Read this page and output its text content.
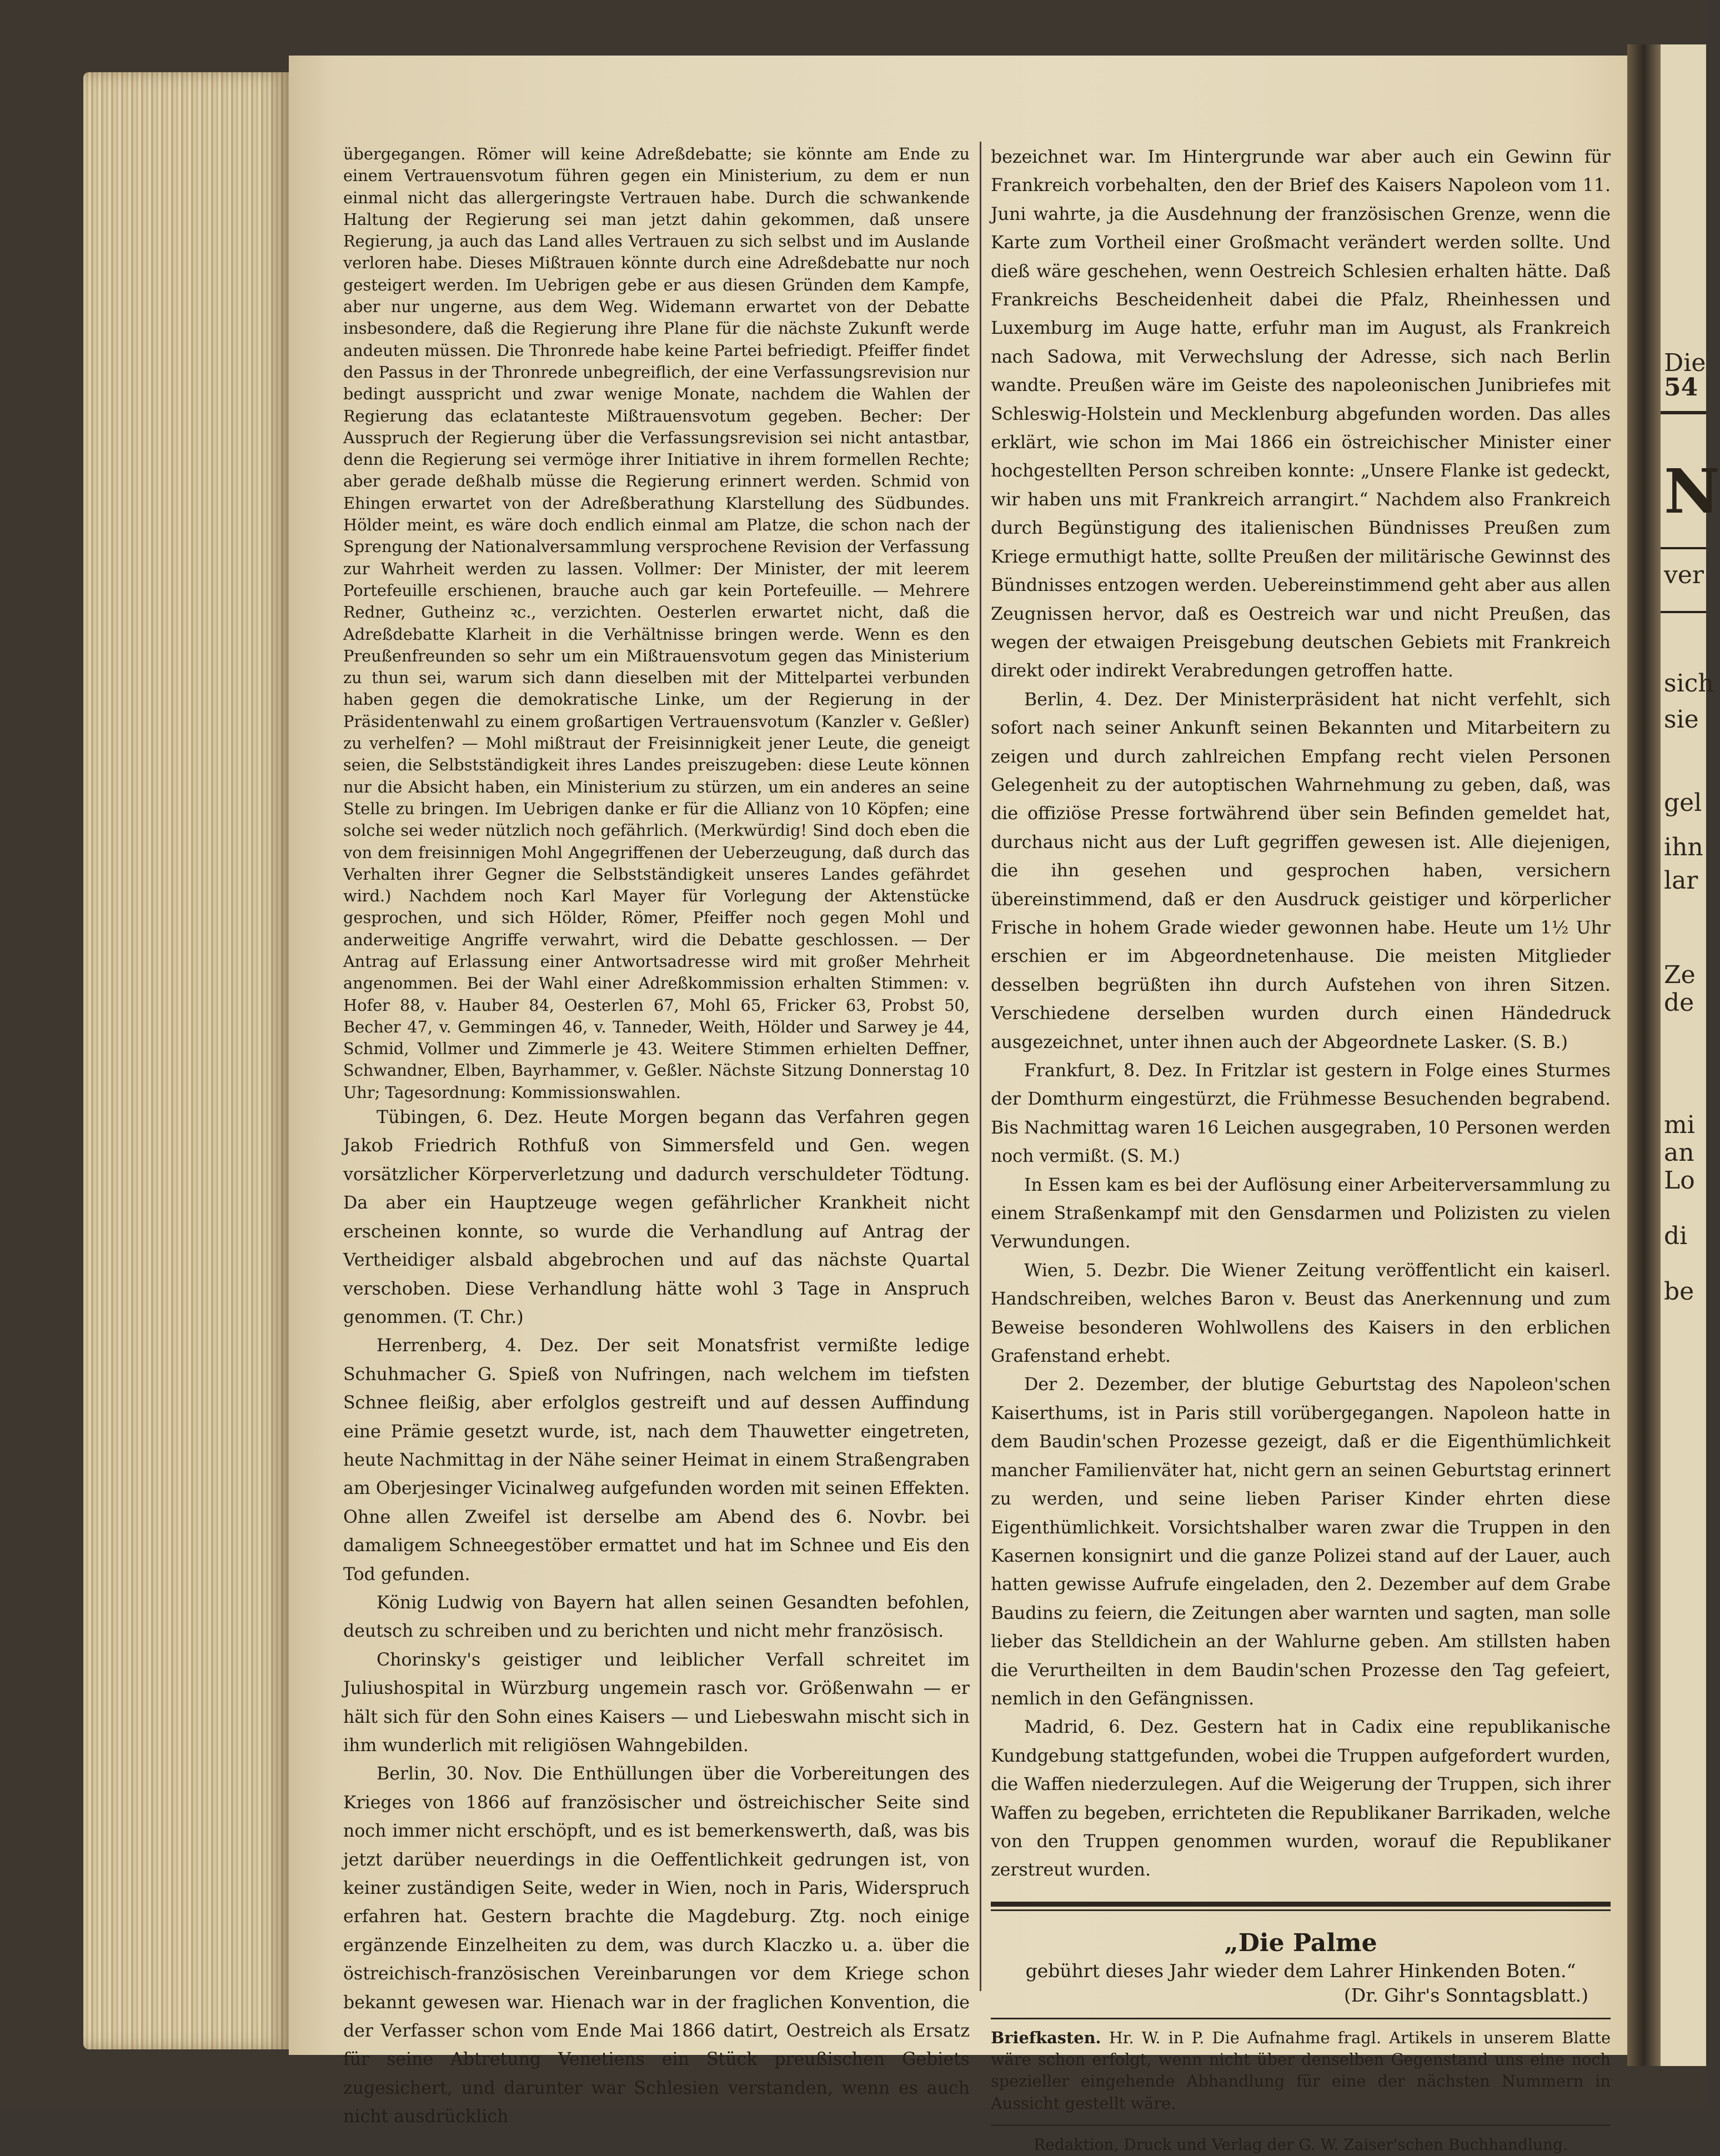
Die
54
N
ver
sich
sie
gel
ihn
lar
Ze
de
mi
an
Lo
di
be

übergegangen. Römer will keine Adreßdebatte; sie könnte am Ende zu einem Vertrauensvotum führen gegen ein Ministerium, zu dem er nun einmal nicht das allergeringste Vertrauen habe. Durch die schwankende Haltung der Regierung sei man jetzt dahin gekommen, daß unsere Regierung, ja auch das Land alles Vertrauen zu sich selbst und im Auslande verloren habe. Dieses Mißtrauen könnte durch eine Adreßdebatte nur noch gesteigert werden. Im Uebrigen gebe er aus diesen Gründen dem Kampfe, aber nur ungerne, aus dem Weg. Widemann erwartet von der Debatte insbesondere, daß die Regierung ihre Plane für die nächste Zukunft werde andeuten müssen. Die Thronrede habe keine Partei befriedigt. Pfeiffer findet den Passus in der Thronrede unbegreiflich, der eine Verfassungsrevision nur bedingt ausspricht und zwar wenige Monate, nachdem die Wahlen der Regierung das eclatanteste Mißtrauensvotum gegeben. Becher: Der Ausspruch der Regierung über die Verfassungsrevision sei nicht antastbar, denn die Regierung sei vermöge ihrer Initiative in ihrem formellen Rechte; aber gerade deßhalb müsse die Regierung erinnert werden. Schmid von Ehingen erwartet von der Adreßberathung Klarstellung des Südbundes. Hölder meint, es wäre doch endlich einmal am Platze, die schon nach der Sprengung der Nationalversammlung versprochene Revision der Verfassung zur Wahrheit werden zu lassen. Vollmer: Der Minister, der mit leerem Portefeuille erschienen, brauche auch gar kein Portefeuille. — Mehrere Redner, Gutheinz ꝛc., verzichten. Oesterlen erwartet nicht, daß die Adreßdebatte Klarheit in die Verhältnisse bringen werde. Wenn es den Preußenfreunden so sehr um ein Mißtrauensvotum gegen das Ministerium zu thun sei, warum sich dann dieselben mit der Mittelpartei verbunden haben gegen die demokratische Linke, um der Regierung in der Präsidentenwahl zu einem großartigen Vertrauensvotum (Kanzler v. Geßler) zu verhelfen? — Mohl mißtraut der Freisinnigkeit jener Leute, die geneigt seien, die Selbstständigkeit ihres Landes preiszugeben: diese Leute können nur die Absicht haben, ein Ministerium zu stürzen, um ein anderes an seine Stelle zu bringen. Im Uebrigen danke er für die Allianz von 10 Köpfen; eine solche sei weder nützlich noch gefährlich. (Merkwürdig! Sind doch eben die von dem freisinnigen Mohl Angegriffenen der Ueberzeugung, daß durch das Verhalten ihrer Gegner die Selbstständigkeit unseres Landes gefährdet wird.) Nachdem noch Karl Mayer für Vorlegung der Aktenstücke gesprochen, und sich Hölder, Römer, Pfeiffer noch gegen Mohl und anderweitige Angriffe verwahrt, wird die Debatte geschlossen. — Der Antrag auf Erlassung einer Antwortsadresse wird mit großer Mehrheit angenommen. Bei der Wahl einer Adreßkommission erhalten Stimmen: v. Hofer 88, v. Hauber 84, Oesterlen 67, Mohl 65, Fricker 63, Probst 50, Becher 47, v. Gemmingen 46, v. Tanneder, Weith, Hölder und Sarwey je 44, Schmid, Vollmer und Zimmerle je 43. Weitere Stimmen erhielten Deffner, Schwandner, Elben, Bayrhammer, v. Geßler. Nächste Sitzung Donnerstag 10 Uhr; Tagesordnung: Kommissionswahlen.

Tübingen, 6. Dez. Heute Morgen begann das Verfahren gegen Jakob Friedrich Rothfuß von Simmersfeld und Gen. wegen vorsätzlicher Körperverletzung und dadurch verschuldeter Tödtung. Da aber ein Hauptzeuge wegen gefährlicher Krankheit nicht erscheinen konnte, so wurde die Verhandlung auf Antrag der Vertheidiger alsbald abgebrochen und auf das nächste Quartal verschoben. Diese Verhandlung hätte wohl 3 Tage in Anspruch genommen. (T. Chr.)

Herrenberg, 4. Dez. Der seit Monatsfrist vermißte ledige Schuhmacher G. Spieß von Nufringen, nach welchem im tiefsten Schnee fleißig, aber erfolglos gestreift und auf dessen Auffindung eine Prämie gesetzt wurde, ist, nach dem Thauwetter eingetreten, heute Nachmittag in der Nähe seiner Heimat in einem Straßengraben am Oberjesinger Vicinalweg aufgefunden worden mit seinen Effekten. Ohne allen Zweifel ist derselbe am Abend des 6. Novbr. bei damaligem Schneegestöber ermattet und hat im Schnee und Eis den Tod gefunden.

König Ludwig von Bayern hat allen seinen Gesandten befohlen, deutsch zu schreiben und zu berichten und nicht mehr französisch.

Chorinsky's geistiger und leiblicher Verfall schreitet im Juliushospital in Würzburg ungemein rasch vor. Größenwahn — er hält sich für den Sohn eines Kaisers — und Liebeswahn mischt sich in ihm wunderlich mit religiösen Wahngebilden.

Berlin, 30. Nov. Die Enthüllungen über die Vorbereitungen des Krieges von 1866 auf französischer und östreichischer Seite sind noch immer nicht erschöpft, und es ist bemerkenswerth, daß, was bis jetzt darüber neuerdings in die Oeffentlichkeit gedrungen ist, von keiner zuständigen Seite, weder in Wien, noch in Paris, Widerspruch erfahren hat. Gestern brachte die Magdeburg. Ztg. noch einige ergänzende Einzelheiten zu dem, was durch Klaczko u. a. über die östreichisch-französischen Vereinbarungen vor dem Kriege schon bekannt gewesen war. Hienach war in der fraglichen Konvention, die der Verfasser schon vom Ende Mai 1866 datirt, Oestreich als Ersatz für seine Abtretung Venetiens ein Stück preußischen Gebiets zugesichert, und darunter war Schlesien verstanden, wenn es auch nicht ausdrücklich

bezeichnet war. Im Hintergrunde war aber auch ein Gewinn für Frankreich vorbehalten, den der Brief des Kaisers Napoleon vom 11. Juni wahrte, ja die Ausdehnung der französischen Grenze, wenn die Karte zum Vortheil einer Großmacht verändert werden sollte. Und dieß wäre geschehen, wenn Oestreich Schlesien erhalten hätte. Daß Frankreichs Bescheidenheit dabei die Pfalz, Rheinhessen und Luxemburg im Auge hatte, erfuhr man im August, als Frankreich nach Sadowa, mit Verwechslung der Adresse, sich nach Berlin wandte. Preußen wäre im Geiste des napoleonischen Junibriefes mit Schleswig-Holstein und Mecklenburg abgefunden worden. Das alles erklärt, wie schon im Mai 1866 ein östreichischer Minister einer hochgestellten Person schreiben konnte: „Unsere Flanke ist gedeckt, wir haben uns mit Frankreich arrangirt.“ Nachdem also Frankreich durch Begünstigung des italienischen Bündnisses Preußen zum Kriege ermuthigt hatte, sollte Preußen der militärische Gewinnst des Bündnisses entzogen werden. Uebereinstimmend geht aber aus allen Zeugnissen hervor, daß es Oestreich war und nicht Preußen, das wegen der etwaigen Preisgebung deutschen Gebiets mit Frankreich direkt oder indirekt Verabredungen getroffen hatte.

Berlin, 4. Dez. Der Ministerpräsident hat nicht verfehlt, sich sofort nach seiner Ankunft seinen Bekannten und Mitarbeitern zu zeigen und durch zahlreichen Empfang recht vielen Personen Gelegenheit zu der autoptischen Wahrnehmung zu geben, daß, was die offiziöse Presse fortwährend über sein Befinden gemeldet hat, durchaus nicht aus der Luft gegriffen gewesen ist. Alle diejenigen, die ihn gesehen und gesprochen haben, versichern übereinstimmend, daß er den Ausdruck geistiger und körperlicher Frische in hohem Grade wieder gewonnen habe. Heute um 1½ Uhr erschien er im Abgeordnetenhause. Die meisten Mitglieder desselben begrüßten ihn durch Aufstehen von ihren Sitzen. Verschiedene derselben wurden durch einen Händedruck ausgezeichnet, unter ihnen auch der Abgeordnete Lasker. (S. B.)

Frankfurt, 8. Dez. In Fritzlar ist gestern in Folge eines Sturmes der Domthurm eingestürzt, die Frühmesse Besuchenden begrabend. Bis Nachmittag waren 16 Leichen ausgegraben, 10 Personen werden noch vermißt. (S. M.)

In Essen kam es bei der Auflösung einer Arbeiterversammlung zu einem Straßenkampf mit den Gensdarmen und Polizisten zu vielen Verwundungen.

Wien, 5. Dezbr. Die Wiener Zeitung veröffentlicht ein kaiserl. Handschreiben, welches Baron v. Beust das Anerkennung und zum Beweise besonderen Wohlwollens des Kaisers in den erblichen Grafenstand erhebt.

Der 2. Dezember, der blutige Geburtstag des Napoleon'schen Kaiserthums, ist in Paris still vorübergegangen. Napoleon hatte in dem Baudin'schen Prozesse gezeigt, daß er die Eigenthümlichkeit mancher Familienväter hat, nicht gern an seinen Geburtstag erinnert zu werden, und seine lieben Pariser Kinder ehrten diese Eigenthümlichkeit. Vorsichtshalber waren zwar die Truppen in den Kasernen konsignirt und die ganze Polizei stand auf der Lauer, auch hatten gewisse Aufrufe eingeladen, den 2. Dezember auf dem Grabe Baudins zu feiern, die Zeitungen aber warnten und sagten, man solle lieber das Stelldichein an der Wahlurne geben. Am stillsten haben die Verurtheilten in dem Baudin'schen Prozesse den Tag gefeiert, nemlich in den Gefängnissen.

Madrid, 6. Dez. Gestern hat in Cadix eine republikanische Kundgebung stattgefunden, wobei die Truppen aufgefordert wurden, die Waffen niederzulegen. Auf die Weigerung der Truppen, sich ihrer Waffen zu begeben, errichteten die Republikaner Barrikaden, welche von den Truppen genommen wurden, worauf die Republikaner zerstreut wurden.

„Die Palme

gebührt dieses Jahr wieder dem Lahrer Hinkenden Boten.“

(Dr. Gihr's Sonntagsblatt.)

Briefkasten. Hr. W. in P. Die Aufnahme fragl. Artikels in unserem Blatte wäre schon erfolgt, wenn nicht über denselben Gegenstand uns eine noch spezieller eingehende Abhandlung für eine der nächsten Nummern in Aussicht gestellt wäre.

Redaktion, Druck und Verlag der G. W. Zaiser'schen Buchhandlung.
